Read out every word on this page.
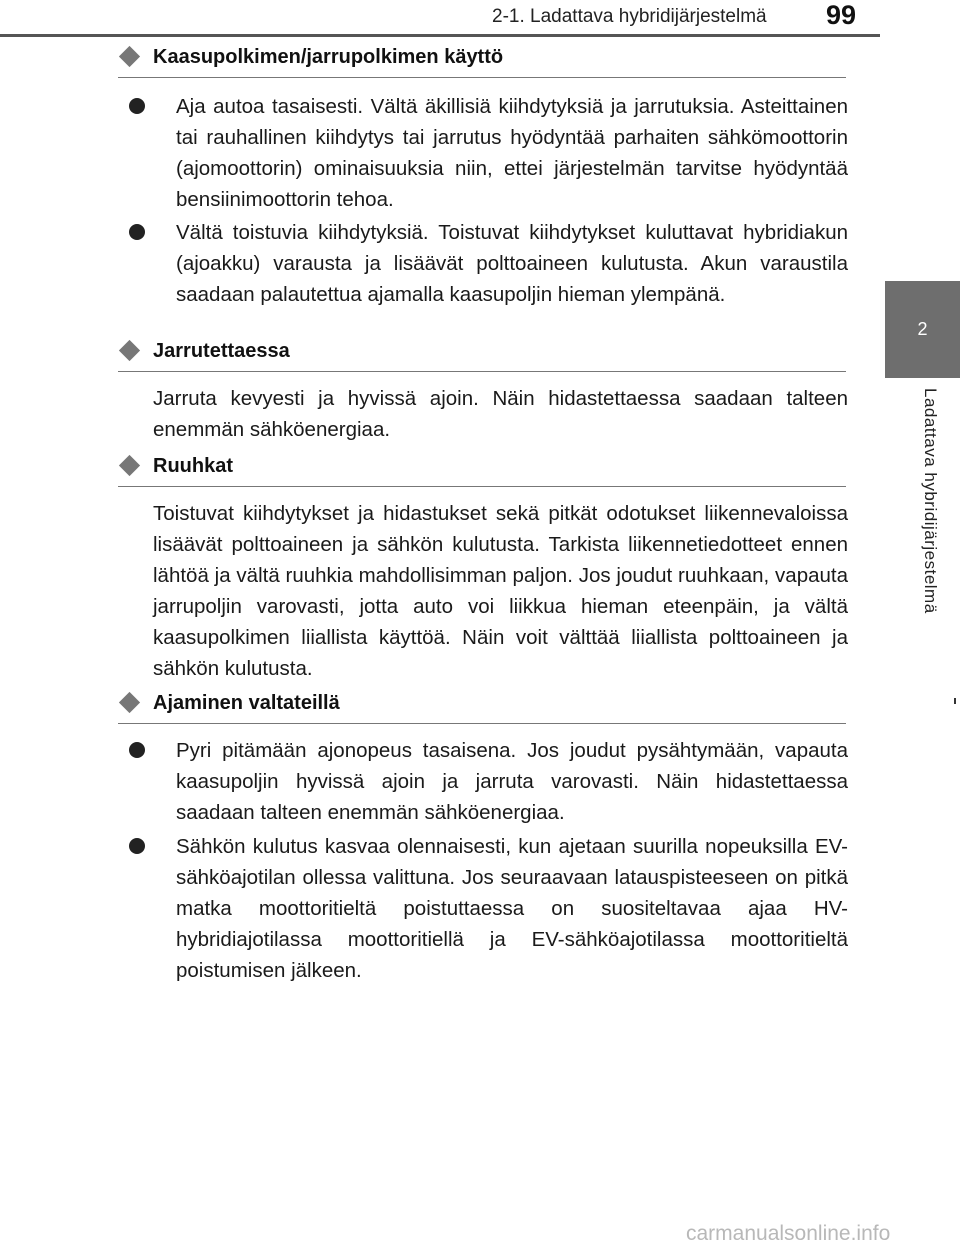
2-1. Ladattava hybridijärjestelmä 99
2
Ladattava hybridijärjestelmä
Kaasupolkimen/jarrupolkimen käyttö
Aja autoa tasaisesti. Vältä äkillisiä kiihdytyksiä ja jarrutuksia. Asteittainen tai rauhallinen kiihdytys tai jarrutus hyödyntää parhaiten sähkömoottorin (ajomoottorin) ominaisuuksia niin, ettei järjestelmän tarvitse hyödyntää bensiinimoottorin tehoa.
Vältä toistuvia kiihdytyksiä. Toistuvat kiihdytykset kuluttavat hybridiakun (ajoakku) varausta ja lisäävät polttoaineen kulutusta. Akun varaustila saadaan palautettua ajamalla kaasupoljin hieman ylempänä.
Jarrutettaessa
Jarruta kevyesti ja hyvissä ajoin. Näin hidastettaessa saadaan talteen enemmän sähköenergiaa.
Ruuhkat
Toistuvat kiihdytykset ja hidastukset sekä pitkät odotukset liikennevaloissa lisäävät polttoaineen ja sähkön kulutusta. Tarkista liikennetiedotteet ennen lähtöä ja vältä ruuhkia mahdollisimman paljon. Jos joudut ruuhkaan, vapauta jarrupoljin varovasti, jotta auto voi liikkua hieman eteenpäin, ja vältä kaasupolkimen liiallista käyttöä. Näin voit välttää liiallista polttoaineen ja sähkön kulutusta.
Ajaminen valtateillä
Pyri pitämään ajonopeus tasaisena. Jos joudut pysähtymään, vapauta kaasupoljin hyvissä ajoin ja jarruta varovasti. Näin hidastettaessa saadaan talteen enemmän sähköenergiaa.
Sähkön kulutus kasvaa olennaisesti, kun ajetaan suurilla nopeuksilla EV-sähköajotilan ollessa valittuna. Jos seuraavaan latauspisteeseen on pitkä matka moottoritieltä poistuttaessa on suositeltavaa ajaa HV-hybridiajotilassa moottoritiellä ja EV-sähköajotilassa moottoritieltä poistumisen jälkeen.
carmanualsonline.info
